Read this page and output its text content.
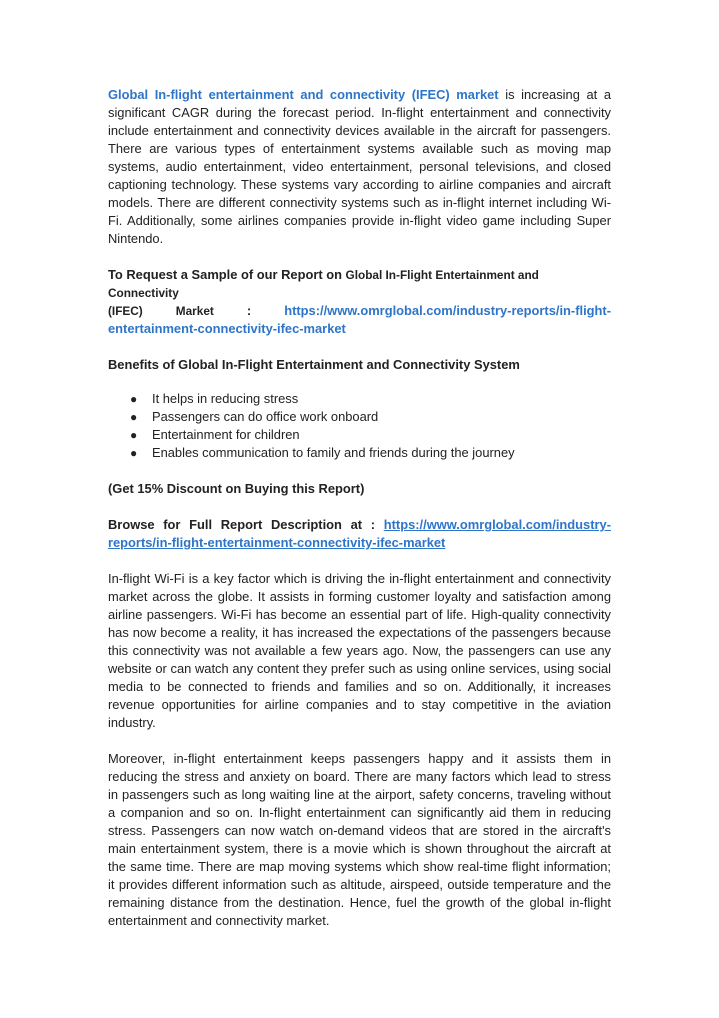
Global In-flight entertainment and connectivity (IFEC) market is increasing at a significant CAGR during the forecast period. In-flight entertainment and connectivity include entertainment and connectivity devices available in the aircraft for passengers. There are various types of entertainment systems available such as moving map systems, audio entertainment, video entertainment, personal televisions, and closed captioning technology. These systems vary according to airline companies and aircraft models. There are different connectivity systems such as in-flight internet including Wi-Fi. Additionally, some airlines companies provide in-flight video game including Super Nintendo.

To Request a Sample of our Report on Global In-Flight Entertainment and Connectivity

(IFEC)	Market	:	https://www.omrglobal.com/industry-reports/in-flight-

entertainment-connectivity-ifec-market

Benefits of Global In-Flight Entertainment and Connectivity System
● It helps in reducing stress
● Passengers can do office work onboard
● Entertainment for children
● Enables communication to family and friends during the journey

(Get 15% Discount on Buying this Report)

Browse for Full Report Description at : https://www.omrglobal.com/industry-

reports/in-flight-entertainment-connectivity-ifec-market

In-flight Wi-Fi is a key factor which is driving the in-flight entertainment and connectivity market across the globe. It assists in forming customer loyalty and satisfaction among airline passengers. Wi-Fi has become an essential part of life. High-quality connectivity has now become a reality, it has increased the expectations of the passengers because this connectivity was not available a few years ago. Now, the passengers can use any website or can watch any content they prefer such as using online services, using social media to be connected to friends and families and so on. Additionally, it increases revenue opportunities for airline companies and to stay competitive in the aviation industry.

Moreover, in-flight entertainment keeps passengers happy and it assists them in reducing the stress and anxiety on board. There are many factors which lead to stress in passengers such as long waiting line at the airport, safety concerns, traveling without a companion and so on. In-flight entertainment can significantly aid them in reducing stress. Passengers can now watch on-demand videos that are stored in the aircraft's main entertainment system, there is a movie which is shown throughout the aircraft at the same time. There are map moving systems which show real-time flight information; it provides different information such as altitude, airspeed, outside temperature and the remaining distance from the destination. Hence, fuel the growth of the global in-flight entertainment and connectivity market.
